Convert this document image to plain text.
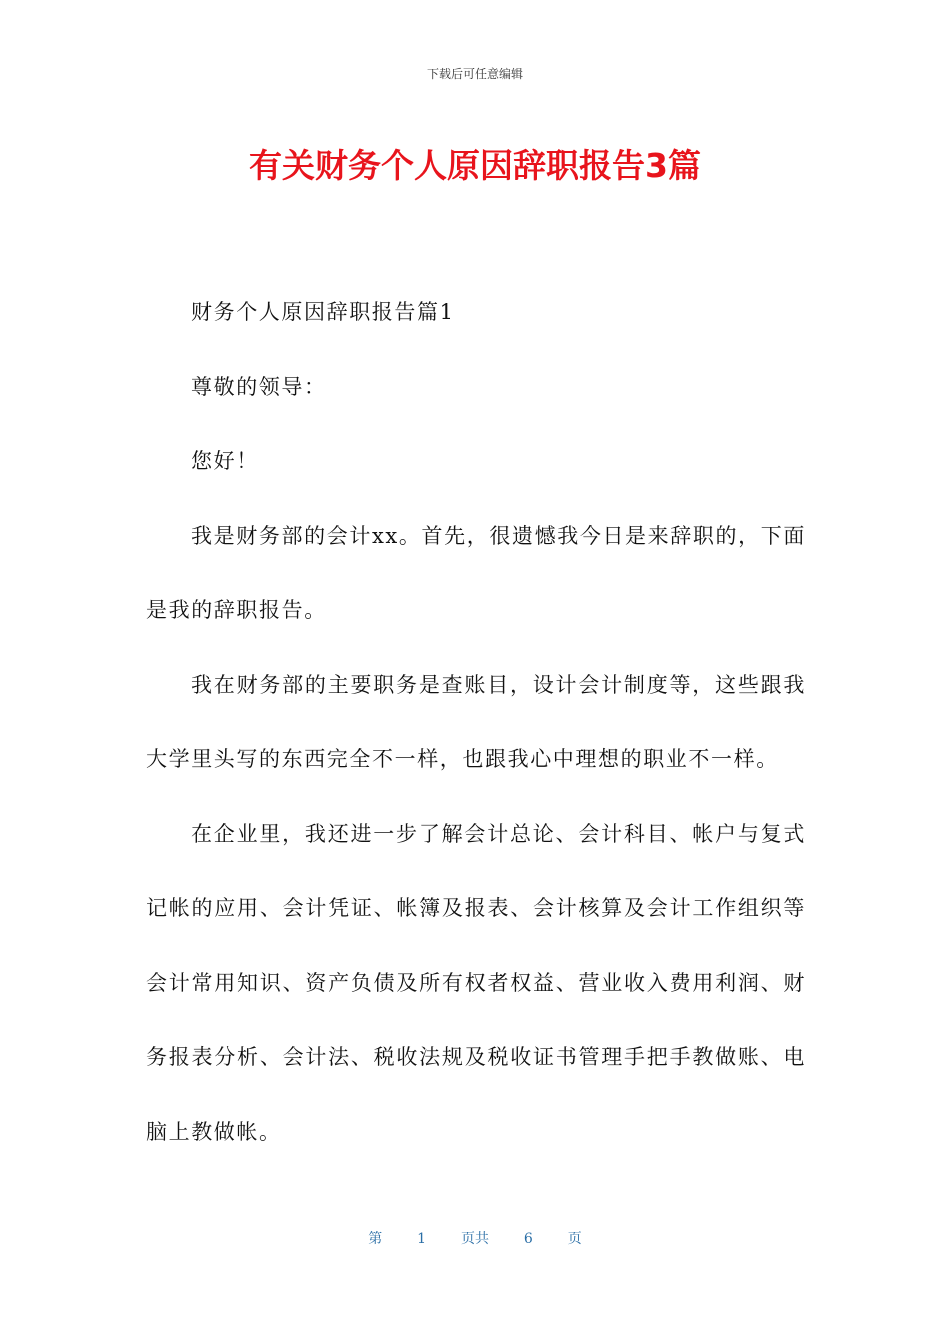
下载后可任意编辑
有关财务个人原因辞职报告3篇

财务个人原因辞职报告篇1

尊敬的领导：

您好！

我是财务部的会计xx。首先，很遗憾我今日是来辞职的，下面是我的辞职报告。

我在财务部的主要职务是查账目，设计会计制度等，这些跟我大学里头写的东西完全不一样，也跟我心中理想的职业不一样。

在企业里，我还进一步了解会计总论、会计科目、帐户与复式记帐的应用、会计凭证、帐簿及报表、会计核算及会计工作组织等会计常用知识、资产负债及所有权者权益、营业收入费用利润、财务报表分析、会计法、税收法规及税收证书管理手把手教做账、电脑上教做帐。

第 1 页共 6 页
